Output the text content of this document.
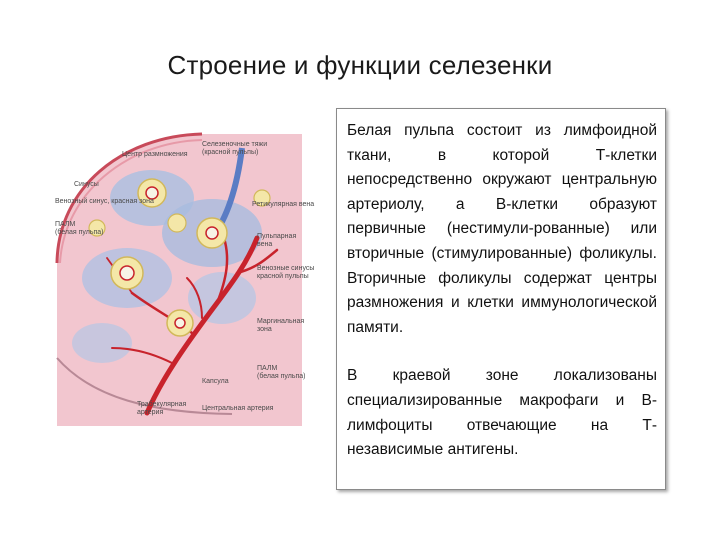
Строение и функции селезенки
Центр размножения
Синусы
Венозный синус, красная зона
ПАЛМ
(белая пульпа)
Селезеночные тяжи
(красной пульпы)
Ретикулярная вена
Пульпарная
вена
Венозные синусы
красной пульпы
Маргинальная
зона
Капсула
ПАЛМ
(белая пульпа)
Трабекулярная
артерия
Центральная артерия

Белая пульпа состоит из лимфоидной ткани, в которой Т-клетки непосредственно окружают центральную артериолу, а В-клетки образуют первичные (нестимули-рованные) или вторичные (стимулированные) фоликулы. Вторичные фоликулы содержат центры размножения и клетки иммунологической памяти.

В краевой зоне локализованы специализированные макрофаги и В-лимфоциты отвечающие на Т-независимые антигены.
